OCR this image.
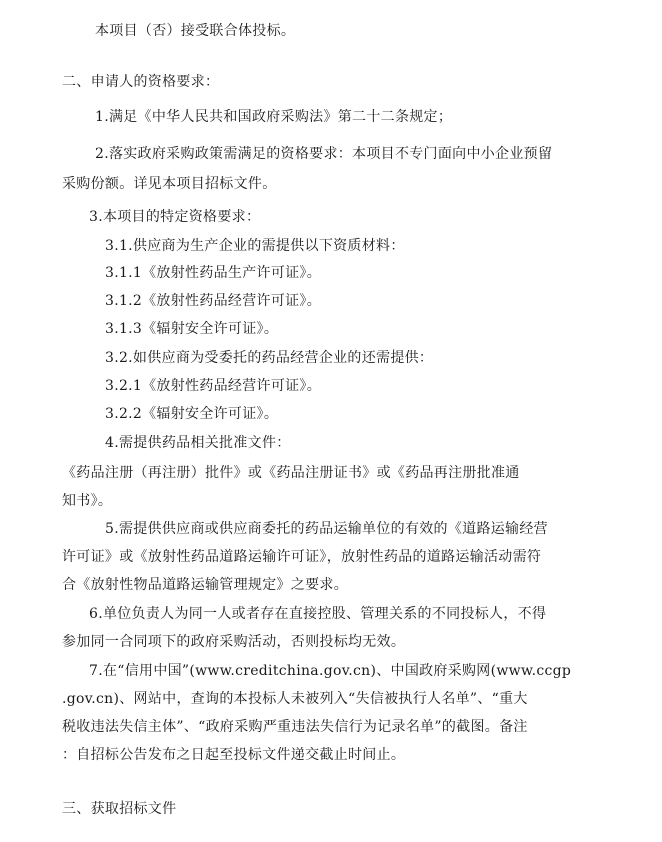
本项目（否）接受联合体投标。
二、申请人的资格要求：
1.满足《中华人民共和国政府采购法》第二十二条规定；
2.落实政府采购政策需满足的资格要求：本项目不专门面向中小企业预留
采购份额。详见本项目招标文件。
3.本项目的特定资格要求：
3.1.供应商为生产企业的需提供以下资质材料：
3.1.1《放射性药品生产许可证》。
3.1.2《放射性药品经营许可证》。
3.1.3《辐射安全许可证》。
3.2.如供应商为受委托的药品经营企业的还需提供：
3.2.1《放射性药品经营许可证》。
3.2.2《辐射安全许可证》。
4.需提供药品相关批准文件：
《药品注册（再注册）批件》或《药品注册证书》或《药品再注册批准通
知书》。
5.需提供供应商或供应商委托的药品运输单位的有效的《道路运输经营
许可证》或《放射性药品道路运输许可证》，放射性药品的道路运输活动需符
合《放射性物品道路运输管理规定》之要求。
6.单位负责人为同一人或者存在直接控股、管理关系的不同投标人，不得
参加同一合同项下的政府采购活动，否则投标均无效。
7.在“信用中国”(www.creditchina.gov.cn)、中国政府采购网(www.ccgp
.gov.cn)、网站中，查询的本投标人未被列入“失信被执行人名单”、“重大
税收违法失信主体”、“政府采购严重违法失信行为记录名单”的截图。备注
：自招标公告发布之日起至投标文件递交截止时间止。
三、获取招标文件
